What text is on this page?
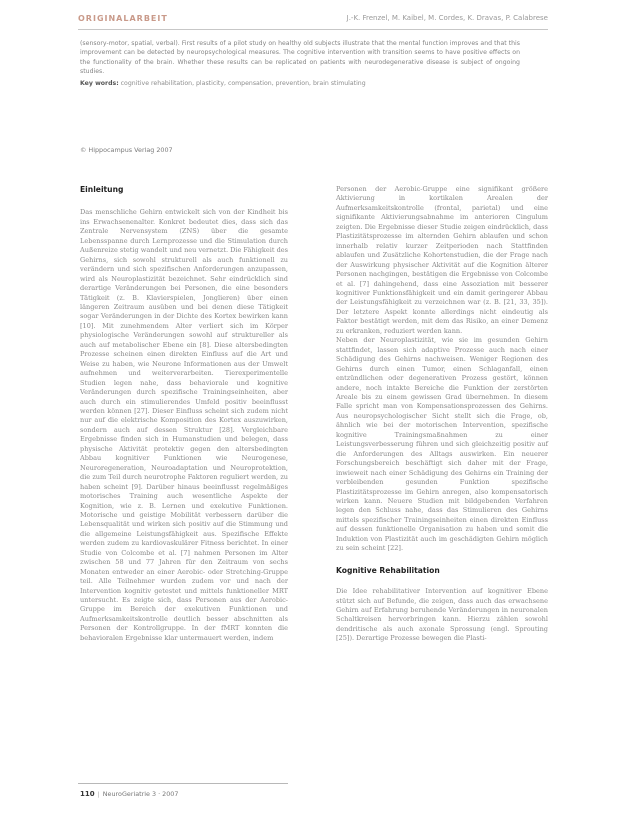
ORIGINALARBEIT	J.-K. Frenzel, M. Kaibel, M. Cordes, K. Dravas, P. Calabrese

(sensory-motor, spatial, verbal). First results of a pilot study on healthy old subjects illustrate that the mental function improves and that this improvement can be detected by neuropsychological measures. The cognitive intervention with transition seems to have positive effects on the functionality of the brain. Whether these results can be replicated on patients with neurodegenerative disease is subject of ongoing studies.

Key words: cognitive rehabilitation, plasticity, compensation, prevention, brain stimulating

© Hippocampus Verlag 2007
Einleitung

Das menschliche Gehirn entwickelt sich von der Kindheit bis ins Erwachsenenalter. Konkret bedeutet dies, dass sich das Zentrale Nervensystem (ZNS) über die gesamte Lebensspanne durch Lernprozesse und die Stimulation durch Außenreize stetig wandelt und neu vernetzt. Die Fähigkeit des Gehirns, sich sowohl strukturell als auch funktionell zu verändern und sich spezifischen Anforderungen anzupassen, wird als Neuroplastizität bezeichnet. Sehr eindrücklich sind derartige Veränderungen bei Personen, die eine besonders Tätigkeit (z. B. Klavierspielen, Jonglieren) über einen längeren Zeitraum ausüben und bei denen diese Tätigkeit sogar Veränderungen in der Dichte des Kortex bewirken kann [10]. Mit zunehmendem Alter verliert sich im Körper physiologische Veränderungen sowohl auf struktureller als auch auf metabolischer Ebene ein [8]. Diese altersbedingten Prozesse scheinen einen direkten Einfluss auf die Art und Weise zu haben, wie Neurone Informationen aus der Umwelt aufnehmen und weiterverarbeiten. Tierexperimentelle Studien legen nahe, dass behaviorale und kognitive Veränderungen durch spezifische Trainingseinheiten, aber auch durch ein stimulierendes Umfeld positiv beeinflusst werden können [27]. Dieser Einfluss scheint sich zudem nicht nur auf die elektrische Komposition des Kortex auszuwirken, sondern auch auf dessen Struktur [28]. Vergleichbare Ergebnisse finden sich in Humanstudien und belegen, dass physische Aktivität protektiv gegen den altersbedingten Abbau kognitiver Funktionen wie Neurogenese, Neuroregeneration, Neuroadaptation und Neuroprotektion, die zum Teil durch neurotrophe Faktoren reguliert werden, zu haben scheint [9]. Darüber hinaus beeinflusst regelmäßiges motorisches Training auch wesentliche Aspekte der Kognition, wie z. B. Lernen und exekutive Funktionen. Motorische und geistige Mobilität verbessern darüber die Lebensqualität und wirken sich positiv auf die Stimmung und die allgemeine Leistungsfähigkeit aus. Spezifische Effekte werden zudem zu kardiovaskulärer Fitness berichtet. In einer Studie von Colcombe et al. [7] nahmen Personen im Alter zwischen 58 und 77 Jahren für den Zeitraum von sechs Monaten entweder an einer Aerobic- oder Stretching-Gruppe teil. Alle Teilnehmer wurden zudem vor und nach der Intervention kognitiv getestet und mittels funktioneller MRT untersucht. Es zeigte sich, dass Personen aus der Aerobic-Gruppe im Bereich der exekutiven Funktionen und Aufmerksamkeitskontrolle deutlich besser abschnitten als Personen der Kontrollgruppe. In der fMRT konnten die behavioralen Ergebnisse klar untermauert werden, indem

Personen der Aerobic-Gruppe eine signifikant größere Aktivierung in kortikalen Arealen der Aufmerksamkeitskontrolle (frontal, parietal) und eine signifikante Aktivierungsabnahme im anterioren Cingulum zeigten. Die Ergebnisse dieser Studie zeigen eindrücklich, dass Plastizitätsprozesse im alternden Gehirn ablaufen und schon innerhalb relativ kurzer Zeitperioden nach Stattfinden ablaufen und Zusätzliche Kohortenstudien, die der Frage nach der Auswirkung physischer Aktivität auf die Kognition älterer Personen nachgingen, bestätigen die Ergebnisse von Colcombe et al. [7] dahingehend, dass eine Assoziation mit besserer kognitiver Funktionsfähigkeit und ein damit geringerer Abbau der Leistungsfähigkeit zu verzeichnen war (z. B. [21, 33, 35]). Der letztere Aspekt konnte allerdings nicht eindeutig als Faktor bestätigt werden, mit dem das Risiko, an einer Demenz zu erkranken, reduziert werden kann.

Neben der Neuroplastizität, wie sie im gesunden Gehirn stattfindet, lassen sich adaptive Prozesse auch nach einer Schädigung des Gehirns nachweisen. Weniger Regionen des Gehirns durch einen Tumor, einen Schlaganfall, einen entzündlichen oder degenerativen Prozess gestört, können andere, noch intakte Bereiche die Funktion der zerstörten Areale bis zu einem gewissen Grad übernehmen. In diesem Falle spricht man von Kompensationsprozessen des Gehirns. Aus neuropsychologischer Sicht stellt sich die Frage, ob, ähnlich wie bei der motorischen Intervention, spezifische kognitive Trainingsmaßnahmen zu einer Leistungsverbesserung führen und sich gleichzeitig positiv auf die Anforderungen des Alltags auswirken. Ein neuerer Forschungsbereich beschäftigt sich daher mit der Frage, inwieweit nach einer Schädigung des Gehirns ein Training der verbleibenden gesunden Funktion spezifische Plastizitätsprozesse im Gehirn anregen, also kompensatorisch wirken kann. Neuere Studien mit bildgebenden Verfahren legen den Schluss nahe, dass das Stimulieren des Gehirns mittels spezifischer Trainingseinheiten einen direkten Einfluss auf dessen funktionelle Organisation zu haben und somit die Induktion von Plastizität auch im geschädigten Gehirn möglich zu sein scheint [22].

Kognitive Rehabilitation

Die Idee rehabilitativer Intervention auf kognitiver Ebene stützt sich auf Befunde, die zeigen, dass auch das erwachsene Gehirn auf Erfahrung beruhende Veränderungen in neuronalen Schaltkreisen hervorbringen kann. Hierzu zählen sowohl dendritische als auch axonale Sprossung (engl. Sprouting [25]). Derartige Prozesse bewegen die Plasti-

110 | NeuroGeriatrie 3 · 2007
